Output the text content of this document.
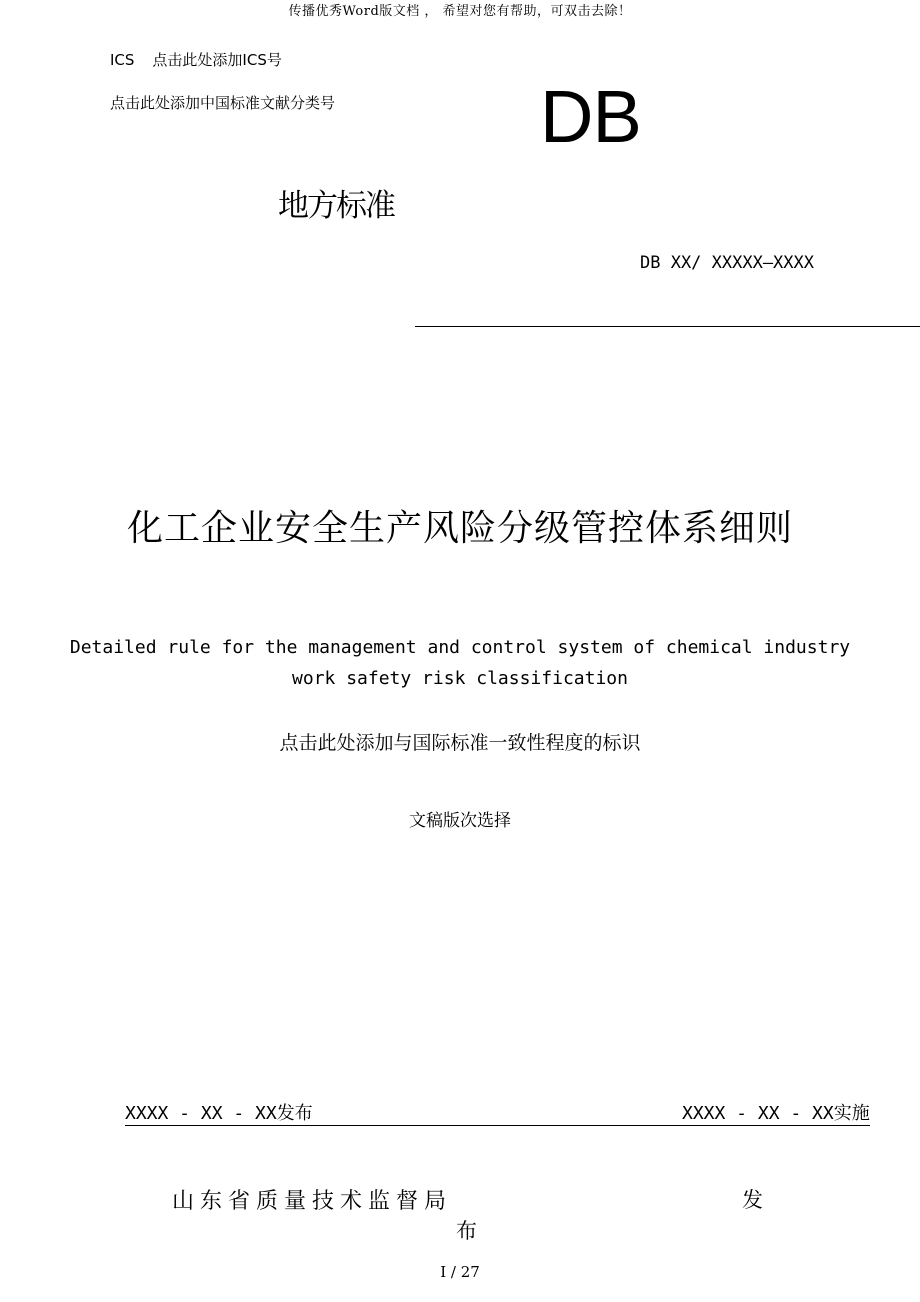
传播优秀Word版文档 ， 希望对您有帮助，可双击去除！
ICS 点击此处添加ICS号
点击此处添加中国标准文献分类号	DB
地方标准
DB XX/ XXXXX—XXXX
化工企业安全生产风险分级管控体系细则
Detailed rule for the management and control system of chemical industry
work safety risk classification
点击此处添加与国际标准一致性程度的标识
文稿版次选择
XXXX - XX - XX发布	XXXX - XX - XX实施
山东省质量技术监督局	发
布
I / 27
